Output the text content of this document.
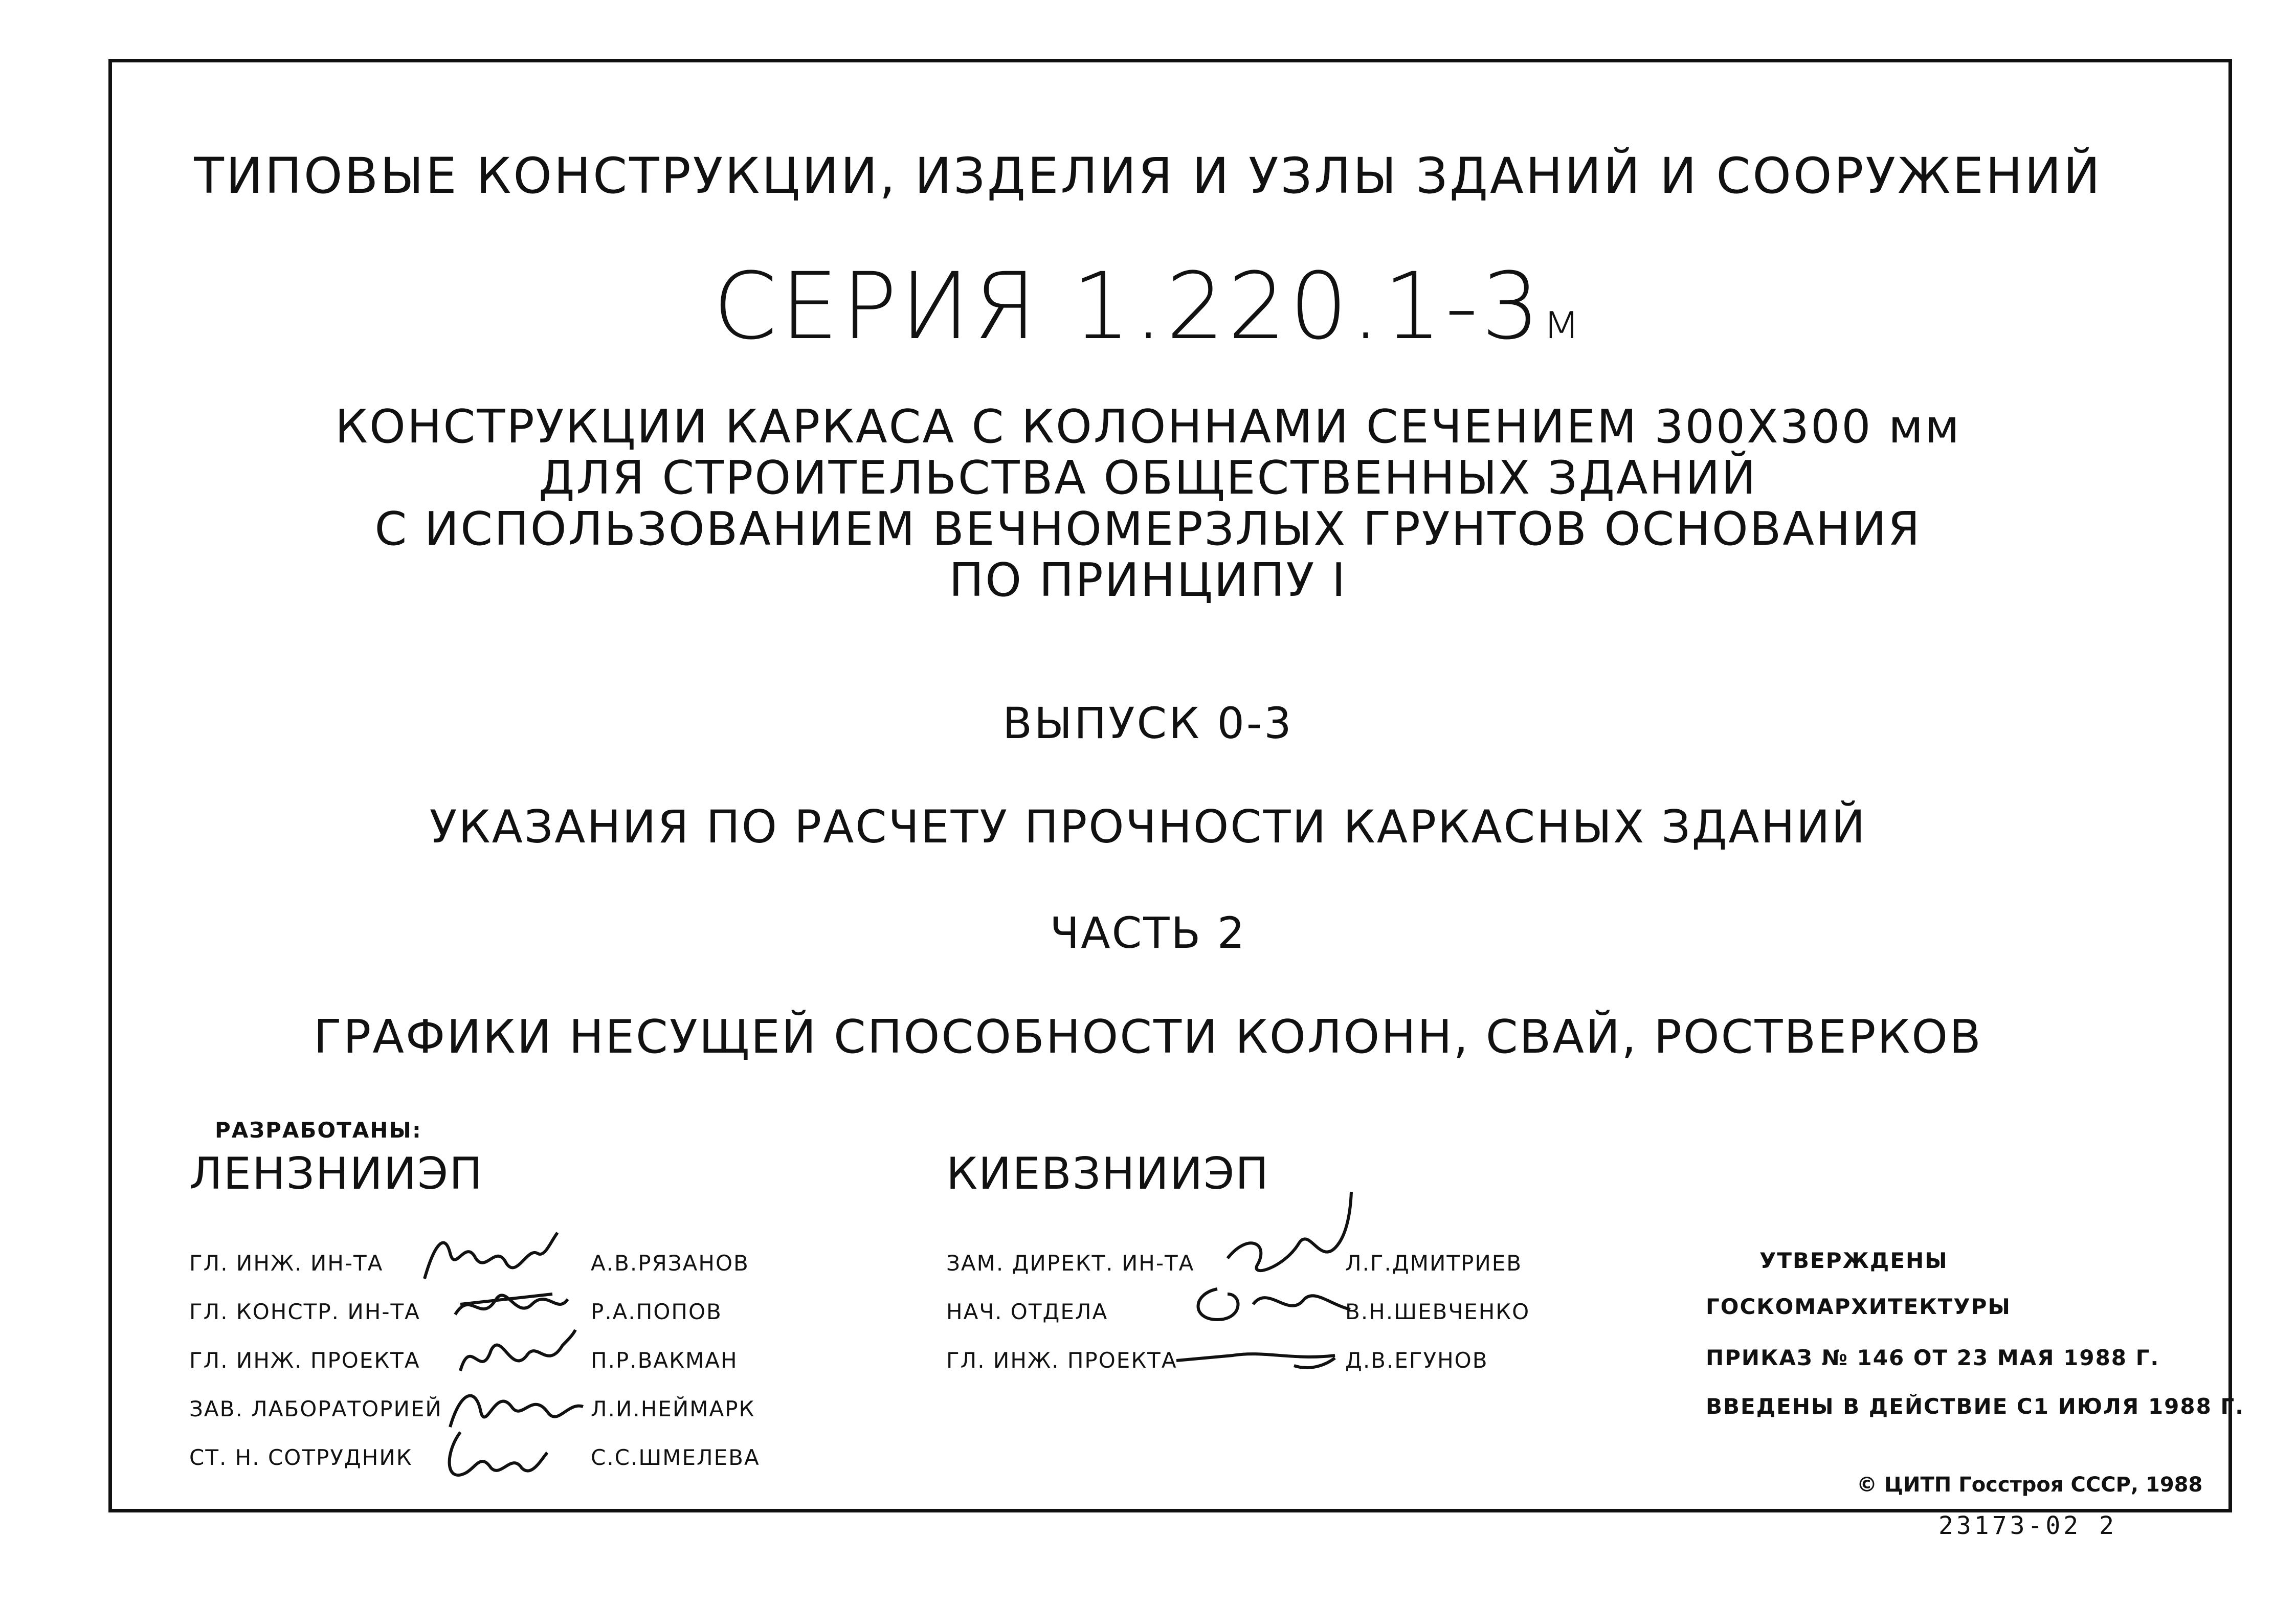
ТИПОВЫЕ КОНСТРУКЦИИ, ИЗДЕЛИЯ И УЗЛЫ ЗДАНИЙ И СООРУЖЕНИЙ
СЕРИЯ 1.220.1-3м
КОНСТРУКЦИИ КАРКАСА С КОЛОННАМИ СЕЧЕНИЕМ 300Х300 мм
ДЛЯ СТРОИТЕЛЬСТВА ОБЩЕСТВЕННЫХ ЗДАНИЙ
С ИСПОЛЬЗОВАНИЕМ ВЕЧНОМЕРЗЛЫХ ГРУНТОВ ОСНОВАНИЯ
ПО ПРИНЦИПУ I
ВЫПУСК 0-3
УКАЗАНИЯ ПО РАСЧЕТУ ПРОЧНОСТИ КАРКАСНЫХ ЗДАНИЙ
ЧАСТЬ 2
ГРАФИКИ НЕСУЩЕЙ СПОСОБНОСТИ КОЛОНН, СВАЙ, РОСТВЕРКОВ
РАЗРАБОТАНЫ:
ЛЕНЗНИИЭП	КИЕВЗНИИЭП
ГЛ. ИНЖ. ИН-ТА
ГЛ. КОНСТР. ИН-ТА
ГЛ. ИНЖ. ПРОЕКТА
ЗАВ. ЛАБОРАТОРИЕЙ
СТ. Н. СОТРУДНИК
А.В.РЯЗАНОВ
Р.А.ПОПОВ
П.Р.ВАКМАН
Л.И.НЕЙМАРК
С.С.ШМЕЛЕВА
ЗАМ. ДИРЕКТ. ИН-ТА
НАЧ. ОТДЕЛА
ГЛ. ИНЖ. ПРОЕКТА
Л.Г.ДМИТРИЕВ
В.Н.ШЕВЧЕНКО
Д.В.ЕГУНОВ
УТВЕРЖДЕНЫ
ГОСКОМАРХИТЕКТУРЫ
ПРИКАЗ № 146 ОТ 23 МАЯ 1988 Г.
ВВЕДЕНЫ В ДЕЙСТВИЕ С1 ИЮЛЯ 1988 Г.
© ЦИТП Госстроя СССР, 1988
23173-02 2
